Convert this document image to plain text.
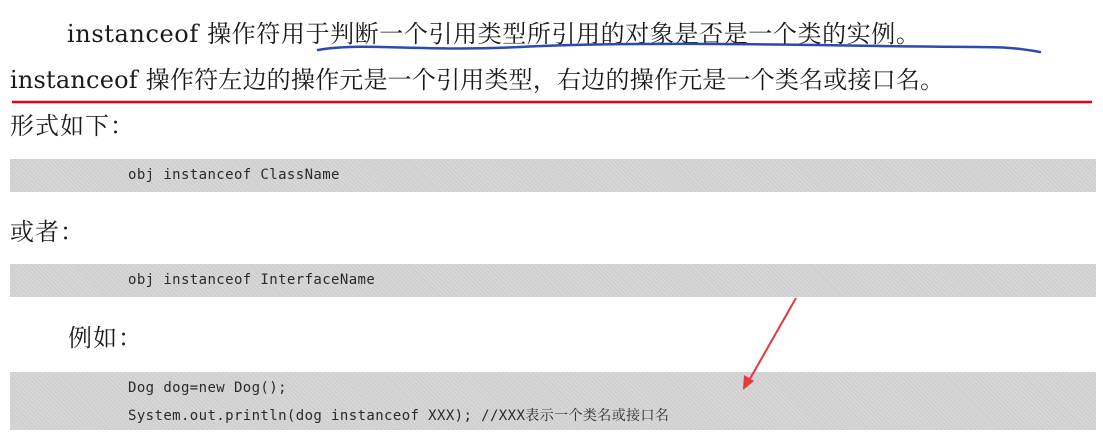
instanceof 操作符用于判断一个引用类型所引用的对象是否是一个类的实例。
instanceof 操作符左边的操作元是一个引用类型，右边的操作元是一个类名或接口名。
形式如下：
obj instanceof ClassName
或者：
obj instanceof InterfaceName
例如：
Dog dog=new Dog();
System.out.println(dog instanceof XXX); //XXX表示一个类名或接口名
